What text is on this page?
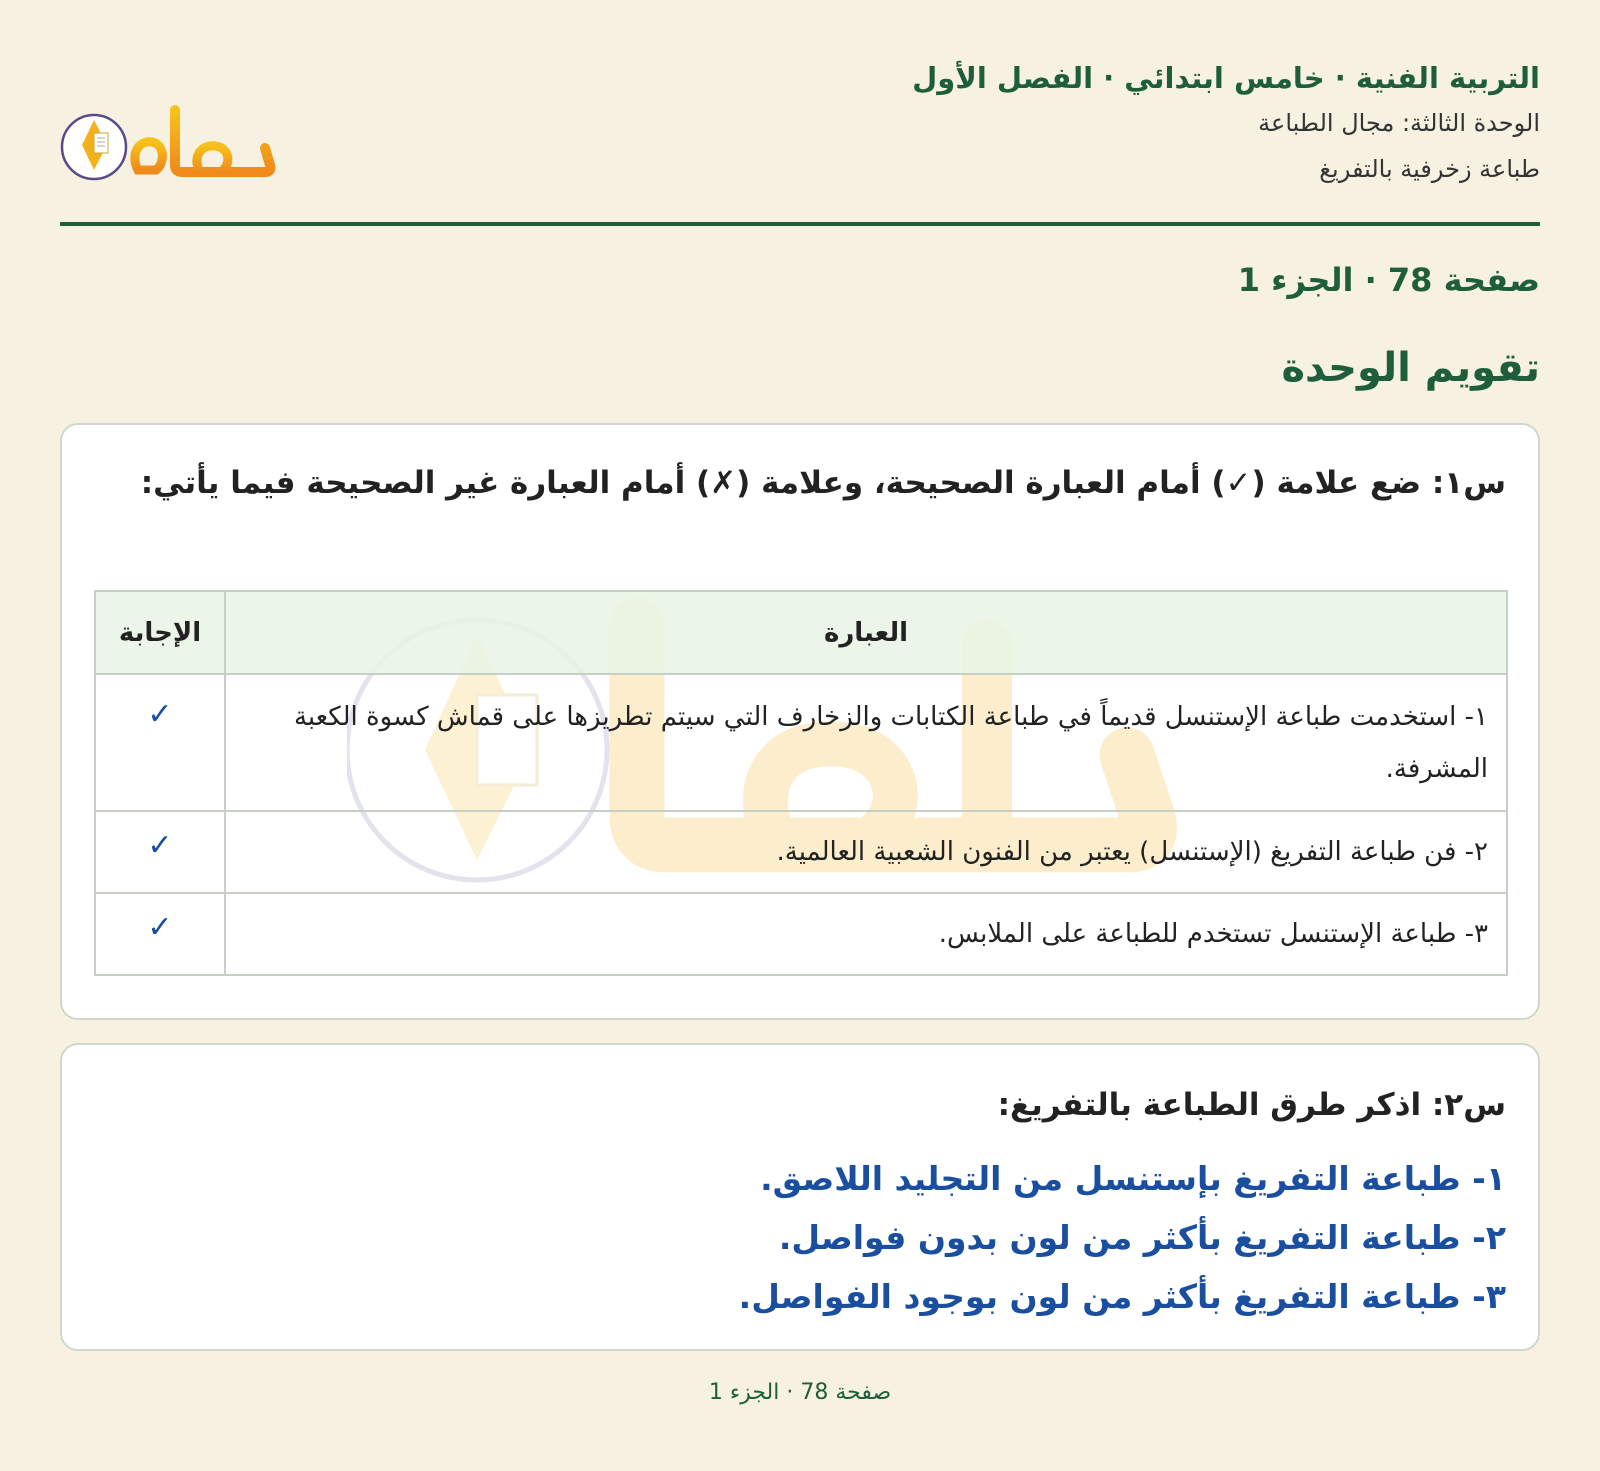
التربية الفنية · خامس ابتدائي · الفصل الأول
الوحدة الثالثة: مجال الطباعة
طباعة زخرفية بالتفريغ
صفحة 78 · الجزء 1
تقويم الوحدة
س١: ضع علامة (✓) أمام العبارة الصحيحة، وعلامة (✗) أمام العبارة غير الصحيحة فيما يأتي:
العبارة	الإجابة
١- استخدمت طباعة الإستنسل قديماً في طباعة الكتابات والزخارف التي سيتم تطريزها على قماش كسوة الكعبة المشرفة.	✓
٢- فن طباعة التفريغ (الإستنسل) يعتبر من الفنون الشعبية العالمية.	✓
٣- طباعة الإستنسل تستخدم للطباعة على الملابس.	✓
س٢: اذكر طرق الطباعة بالتفريغ:
١- طباعة التفريغ بإستنسل من التجليد اللاصق.
٢- طباعة التفريغ بأكثر من لون بدون فواصل.
٣- طباعة التفريغ بأكثر من لون بوجود الفواصل.
صفحة 78 · الجزء 1
